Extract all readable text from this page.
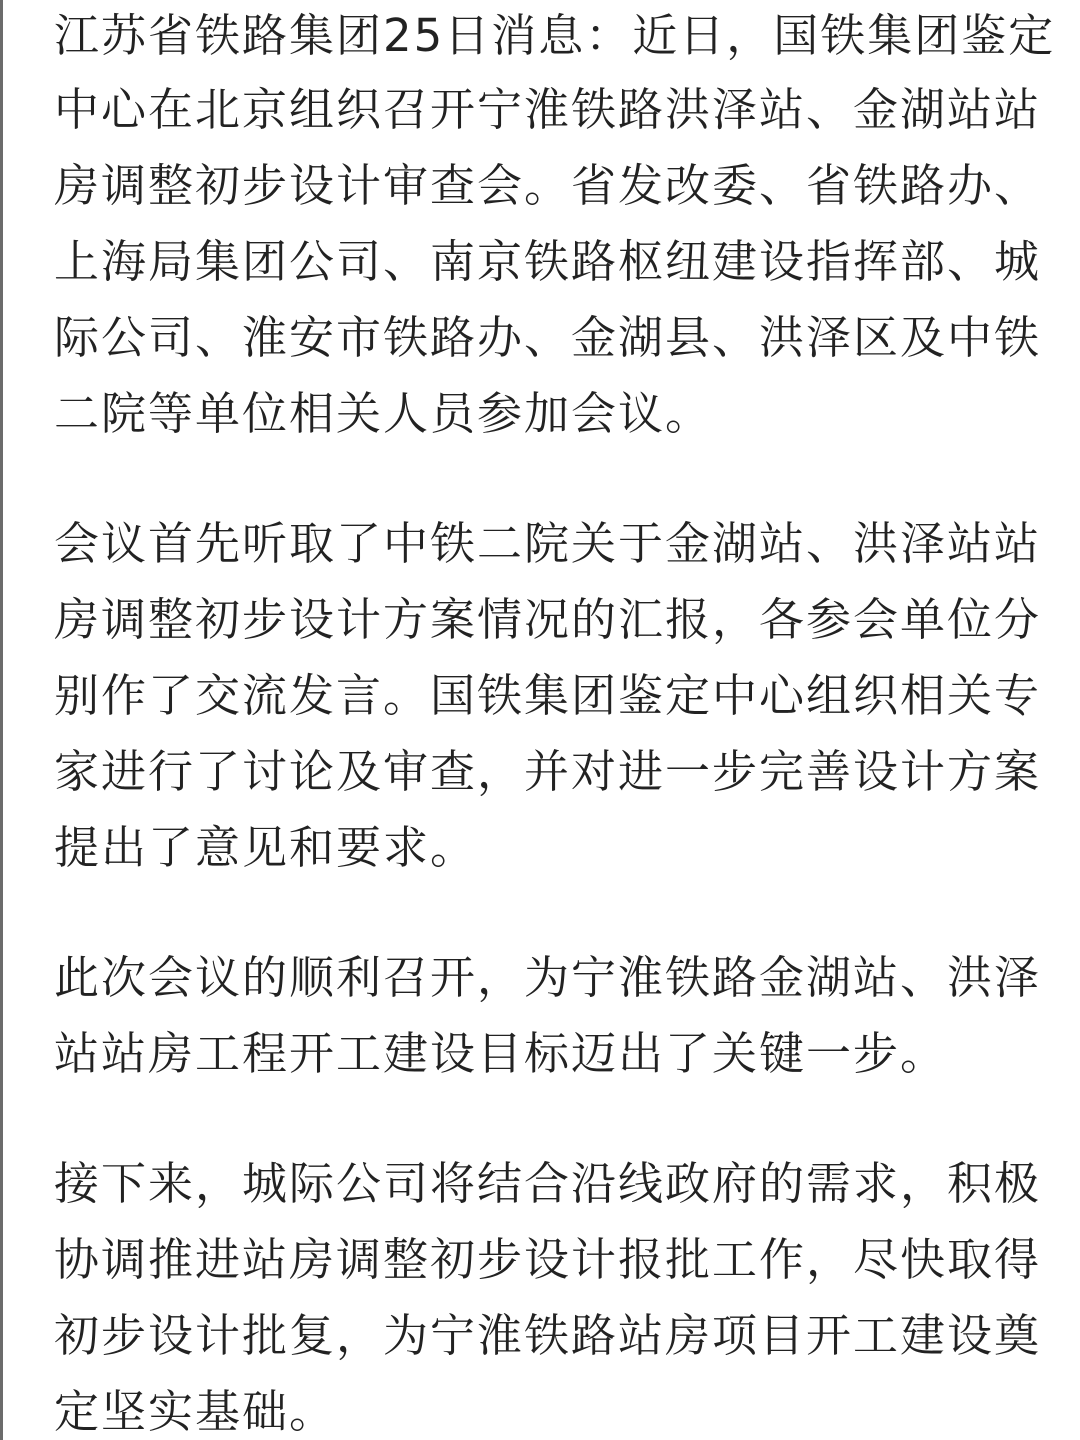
江苏省铁路集团25日消息：近日，国铁集团鉴定
中心在北京组织召开宁淮铁路洪泽站、金湖站站
房调整初步设计审查会。省发改委、省铁路办、
上海局集团公司、南京铁路枢纽建设指挥部、城
际公司、淮安市铁路办、金湖县、洪泽区及中铁
二院等单位相关人员参加会议。
会议首先听取了中铁二院关于金湖站、洪泽站站
房调整初步设计方案情况的汇报，各参会单位分
别作了交流发言。国铁集团鉴定中心组织相关专
家进行了讨论及审查，并对进一步完善设计方案
提出了意见和要求。
此次会议的顺利召开，为宁淮铁路金湖站、洪泽
站站房工程开工建设目标迈出了关键一步。
接下来，城际公司将结合沿线政府的需求，积极
协调推进站房调整初步设计报批工作，尽快取得
初步设计批复，为宁淮铁路站房项目开工建设奠
定坚实基础。
